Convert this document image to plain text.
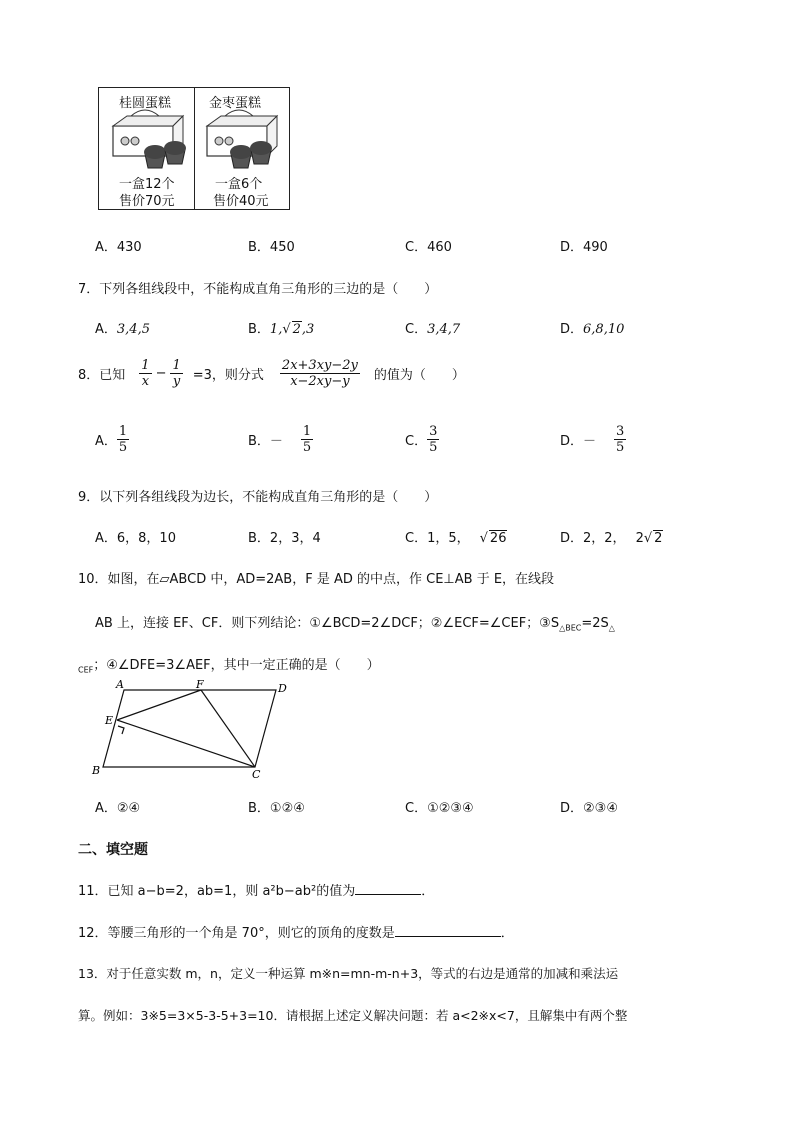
桂圆蛋糕	金枣蛋糕
一盒12个
售价70元
一盒6个
售价40元
A．430	B．450	C．460	D．490
7．下列各组线段中，不能构成直角三角形的三边的是（　　）
A．3,4,5	B．1,√ 2,3	C．3,4,7	D．6,8,10
8．已知 $\frac{1}{x} - \frac{1}{y} =3$，则分式 $\frac{2x+3xy-2y}{x-2xy-y}$ 的值为（　　）
A． $\frac{1}{5}$	B．－ $\frac{1}{5}$	C． $\frac{3}{5}$	D．－ $\frac{3}{5}$
9．以下列各组线段为边长，不能构成直角三角形的是（　　）
A．6，8，10	B．2，3，4	C．1，5， √ 26	D．2，2， 2√ 2
10．如图，在▱ABCD 中，AD=2AB，F 是 AD 的中点，作 CE⊥AB 于 E，在线段
AB 上，连接 EF、CF．则下列结论：①∠BCD=2∠DCF；②∠ECF=∠CEF；$③S_{\triangle BEC}=2S_\triangle$
$_{CEF}$；④∠DFE=3∠AEF，其中一定正确的是（　　）
A	F	D
E
B	C
A．②④	B．①②④	C．①②③④	D．②③④
二、填空题
11．已知 a−b=2，ab=1，则 a²b−ab²的值为	．
12．等腰三角形的一个角是 70°，则它的顶角的度数是	．
13．对于任意实数 m，n，定义一种运算 m※n=mn-m-n+3，等式的右边是通常的加减和乘法运
算。例如：3※5=3×5-3-5+3=10．请根据上述定义解决问题：若 a<2※x<7，且解集中有两个整
